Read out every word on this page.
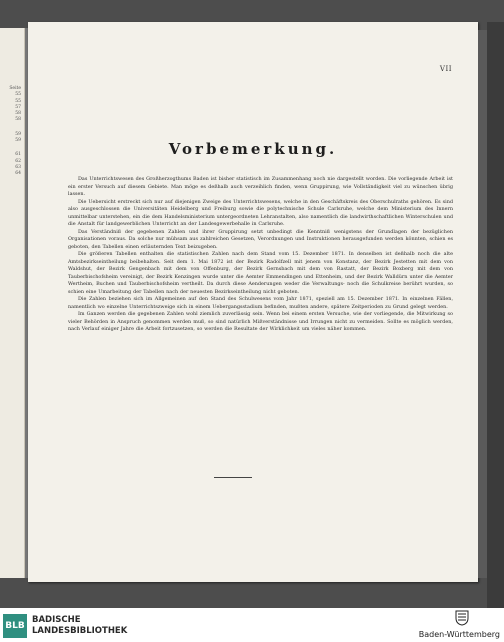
Seite
55
55
57
58
58
59
59
61
62
63
64
VII
Vorbemerkung.

Das Unterrichtswesen des Großherzogthums Baden ist bisher statistisch im Zusammenhang noch nie dargestellt worden. Die vorliegende Arbeit ist ein erster Versuch auf diesem Gebiete. Man möge es deßhalb auch verzeihlich finden, wenn Gruppirung, wie Vollständigkeit viel zu wünschen übrig lassen.

Die Uebersicht erstreckt sich nur auf diejenigen Zweige des Unterrichtswesens, welche in den Geschäftskreis des Oberschulraths gehören. Es sind also ausgeschlossen die Universitäten Heidelberg und Freiburg sowie die polytechnische Schule Carlsruhe, welche dem Ministerium des Innern unmittelbar unterstehen, ein die dem Handelsministerium untergeordneten Lehranstalten, also namentlich die landwirthschaftlichen Winterschulen und die Anstalt für landgewerblichen Unterricht an der Landesgewerbehalle in Carlsruhe.

Das Verständniß der gegebenen Zahlen und ihrer Gruppirung setzt unbedingt die Kenntniß wenigstens der Grundlagen der bezüglichen Organisationen voraus. Da solche nur mühsam aus zahlreichen Gesetzen, Verordnungen und Instruktionen herausgefunden werden könnten, schien es geboten, den Tabellen einen erläuternden Text beizugeben.

Die größeren Tabellen enthalten die statistischen Zahlen nach dem Stand vom 15. Dezember 1871. In denselben ist deßhalb noch die alte Amtsbezirkseintheilung beibehalten. Seit dem 1. Mai 1872 ist der Bezirk Radolfzell mit jenem von Konstanz, der Bezirk Jestetten mit dem von Waldshut, der Bezirk Gengenbach mit dem von Offenburg, der Bezirk Gernsbach mit dem von Rastatt, der Bezirk Boxberg mit dem von Tauberbischofsheim vereinigt, der Bezirk Kenzingen wurde unter die Aemter Emmendingen und Ettenheim, und der Bezirk Walldürn unter die Aemter Wertheim, Buchen und Tauberbischofsheim vertheilt. Da durch diese Aenderungen weder die Verwaltungs- noch die Schulkreise berührt wurden, so schien eine Umarbeitung der Tabellen nach der neuesten Bezirkseintheilung nicht geboten.

Die Zahlen beziehen sich im Allgemeinen auf den Stand des Schulwesens vom Jahr 1871, speziell am 15. Dezember 1871. In einzelnen Fällen, namentlich wo einzelne Unterrichtszweige sich in einem Uebergangsstadium befinden, mußten andere, spätere Zeitperioden zu Grund gelegt werden.

Im Ganzen werden die gegebenen Zahlen wohl ziemlich zuverlässig sein. Wenn bei einem ersten Versuche, wie der vorliegende, die Mitwirkung so vieler Behörden in Anspruch genommen werden muß, so sind natürlich Mißverständnisse und Irrungen nicht zu vermeiden. Sollte es möglich werden, nach Verlauf einiger Jahre die Arbeit fortzusetzen, so werden die Resultate der Wirklichkeit um vieles näher kommen.

BLB
BADISCHE
LANDESBIBLIOTHEK	Baden-Württemberg
